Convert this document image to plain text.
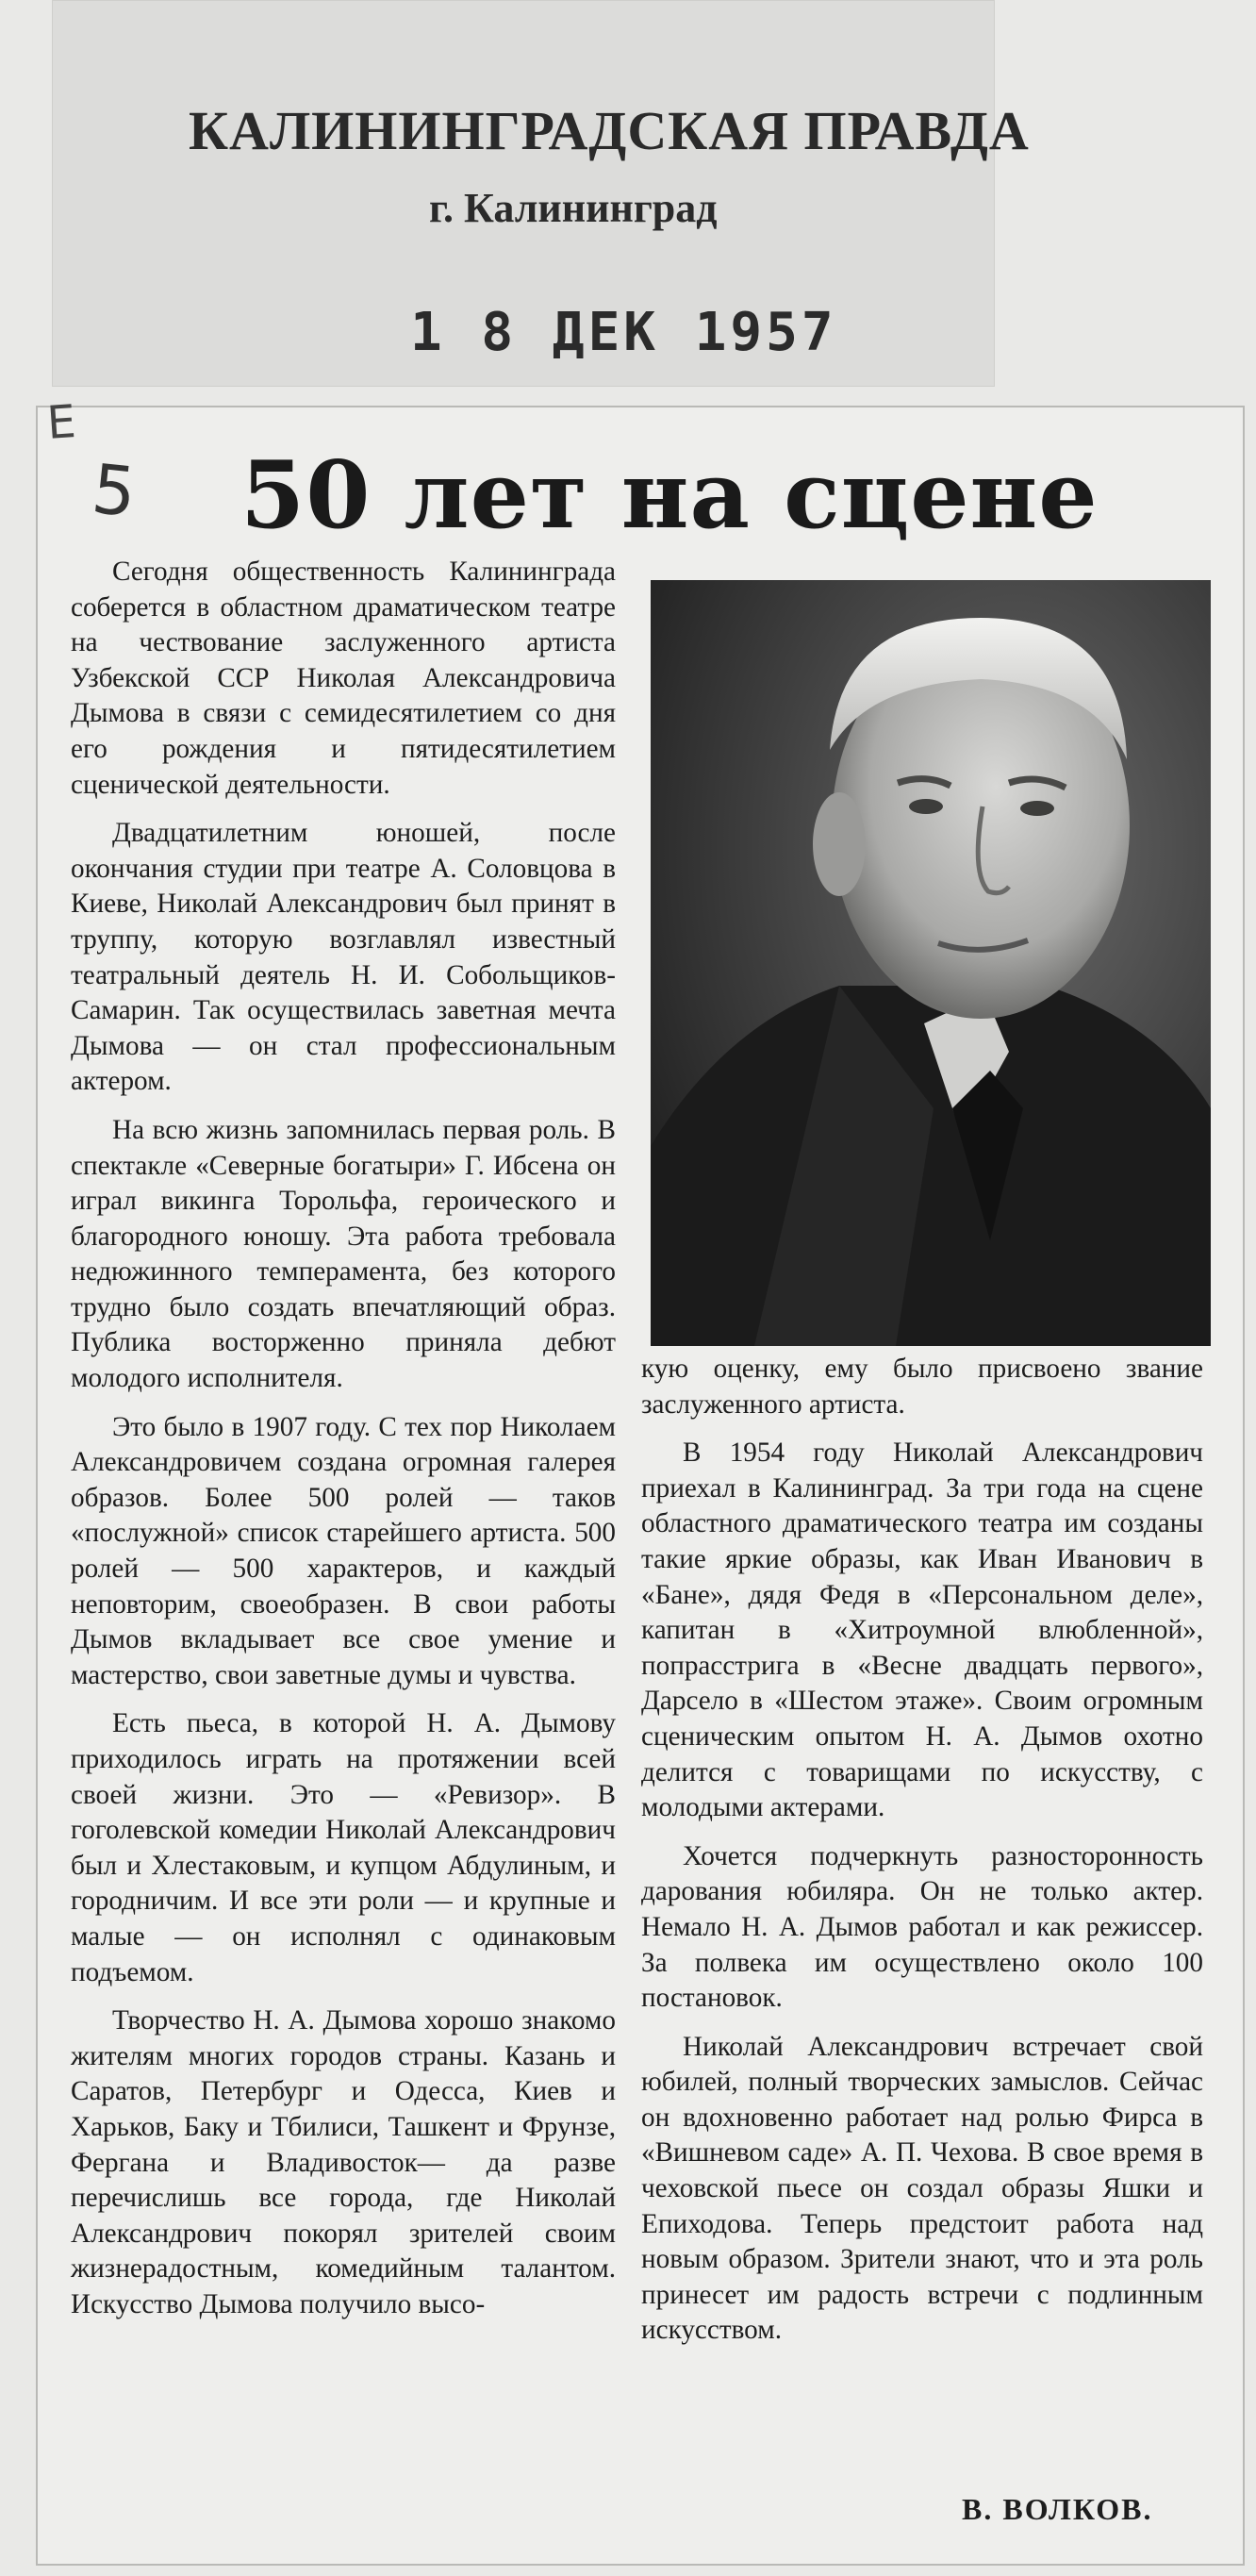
КАЛИНИНГРАДСКАЯ ПРАВДА
г. Калининград
1 8 ДЕК 1957
Е
5 50 лет на сцене

Сегодня общественность Калининграда соберется в областном драматическом театре на чествование заслуженного артиста Узбекской ССР Николая Александровича Дымова в связи с семидесятилетием со дня его рождения и пятидесятилетием сценической деятельности.

Двадцатилетним юношей, после окончания студии при театре А. Соловцова в Киеве, Николай Александрович был принят в труппу, которую возглавлял известный театральный деятель Н. И. Собольщиков-Самарин. Так осуществилась заветная мечта Дымова — он стал профессиональным актером.

На всю жизнь запомнилась первая роль. В спектакле «Северные богатыри» Г. Ибсена он играл викинга Торольфа, героического и благородного юношу. Эта работа требовала недюжинного темперамента, без которого трудно было создать впечатляющий образ. Публика восторженно приняла дебют молодого исполнителя.

Это было в 1907 году. С тех пор Николаем Александровичем создана огромная галерея образов. Более 500 ролей — таков «послужной» список старейшего артиста. 500 ролей — 500 характеров, и каждый неповторим, своеобразен. В свои работы Дымов вкладывает все свое умение и мастерство, свои заветные думы и чувства.

Есть пьеса, в которой Н. А. Дымову приходилось играть на протяжении всей своей жизни. Это — «Ревизор». В гоголевской комедии Николай Александрович был и Хлестаковым, и купцом Абдулиным, и городничим. И все эти роли — и крупные и малые — он исполнял с одинаковым подъемом.

Творчество Н. А. Дымова хорошо знакомо жителям многих городов страны. Казань и Саратов, Петербург и Одесса, Киев и Харьков, Баку и Тбилиси, Ташкент и Фрунзе, Фергана и Владивосток— да разве перечислишь все города, где Николай Александрович покорял зрителей своим жизнерадостным, комедийным талантом. Искусство Дымова получило высо-

кую оценку, ему было присвоено звание заслуженного артиста.

В 1954 году Николай Александрович приехал в Калининград. За три года на сцене областного драматического театра им созданы такие яркие образы, как Иван Иванович в «Бане», дядя Федя в «Персональном деле», капитан в «Хитроумной влюбленной», попрасстрига в «Весне двадцать первого», Дарсело в «Шестом этаже». Своим огромным сценическим опытом Н. А. Дымов охотно делится с товарищами по искусству, с молодыми актерами.

Хочется подчеркнуть разносторонность дарования юбиляра. Он не только актер. Немало Н. А. Дымов работал и как режиссер. За полвека им осуществлено около 100 постановок.

Николай Александрович встречает свой юбилей, полный творческих замыслов. Сейчас он вдохновенно работает над ролью Фирса в «Вишневом саде» А. П. Чехова. В свое время в чеховской пьесе он создал образы Яшки и Епиходова. Теперь предстоит работа над новым образом. Зрители знают, что и эта роль принесет им радость встречи с подлинным искусством.

В. ВОЛКОВ.
